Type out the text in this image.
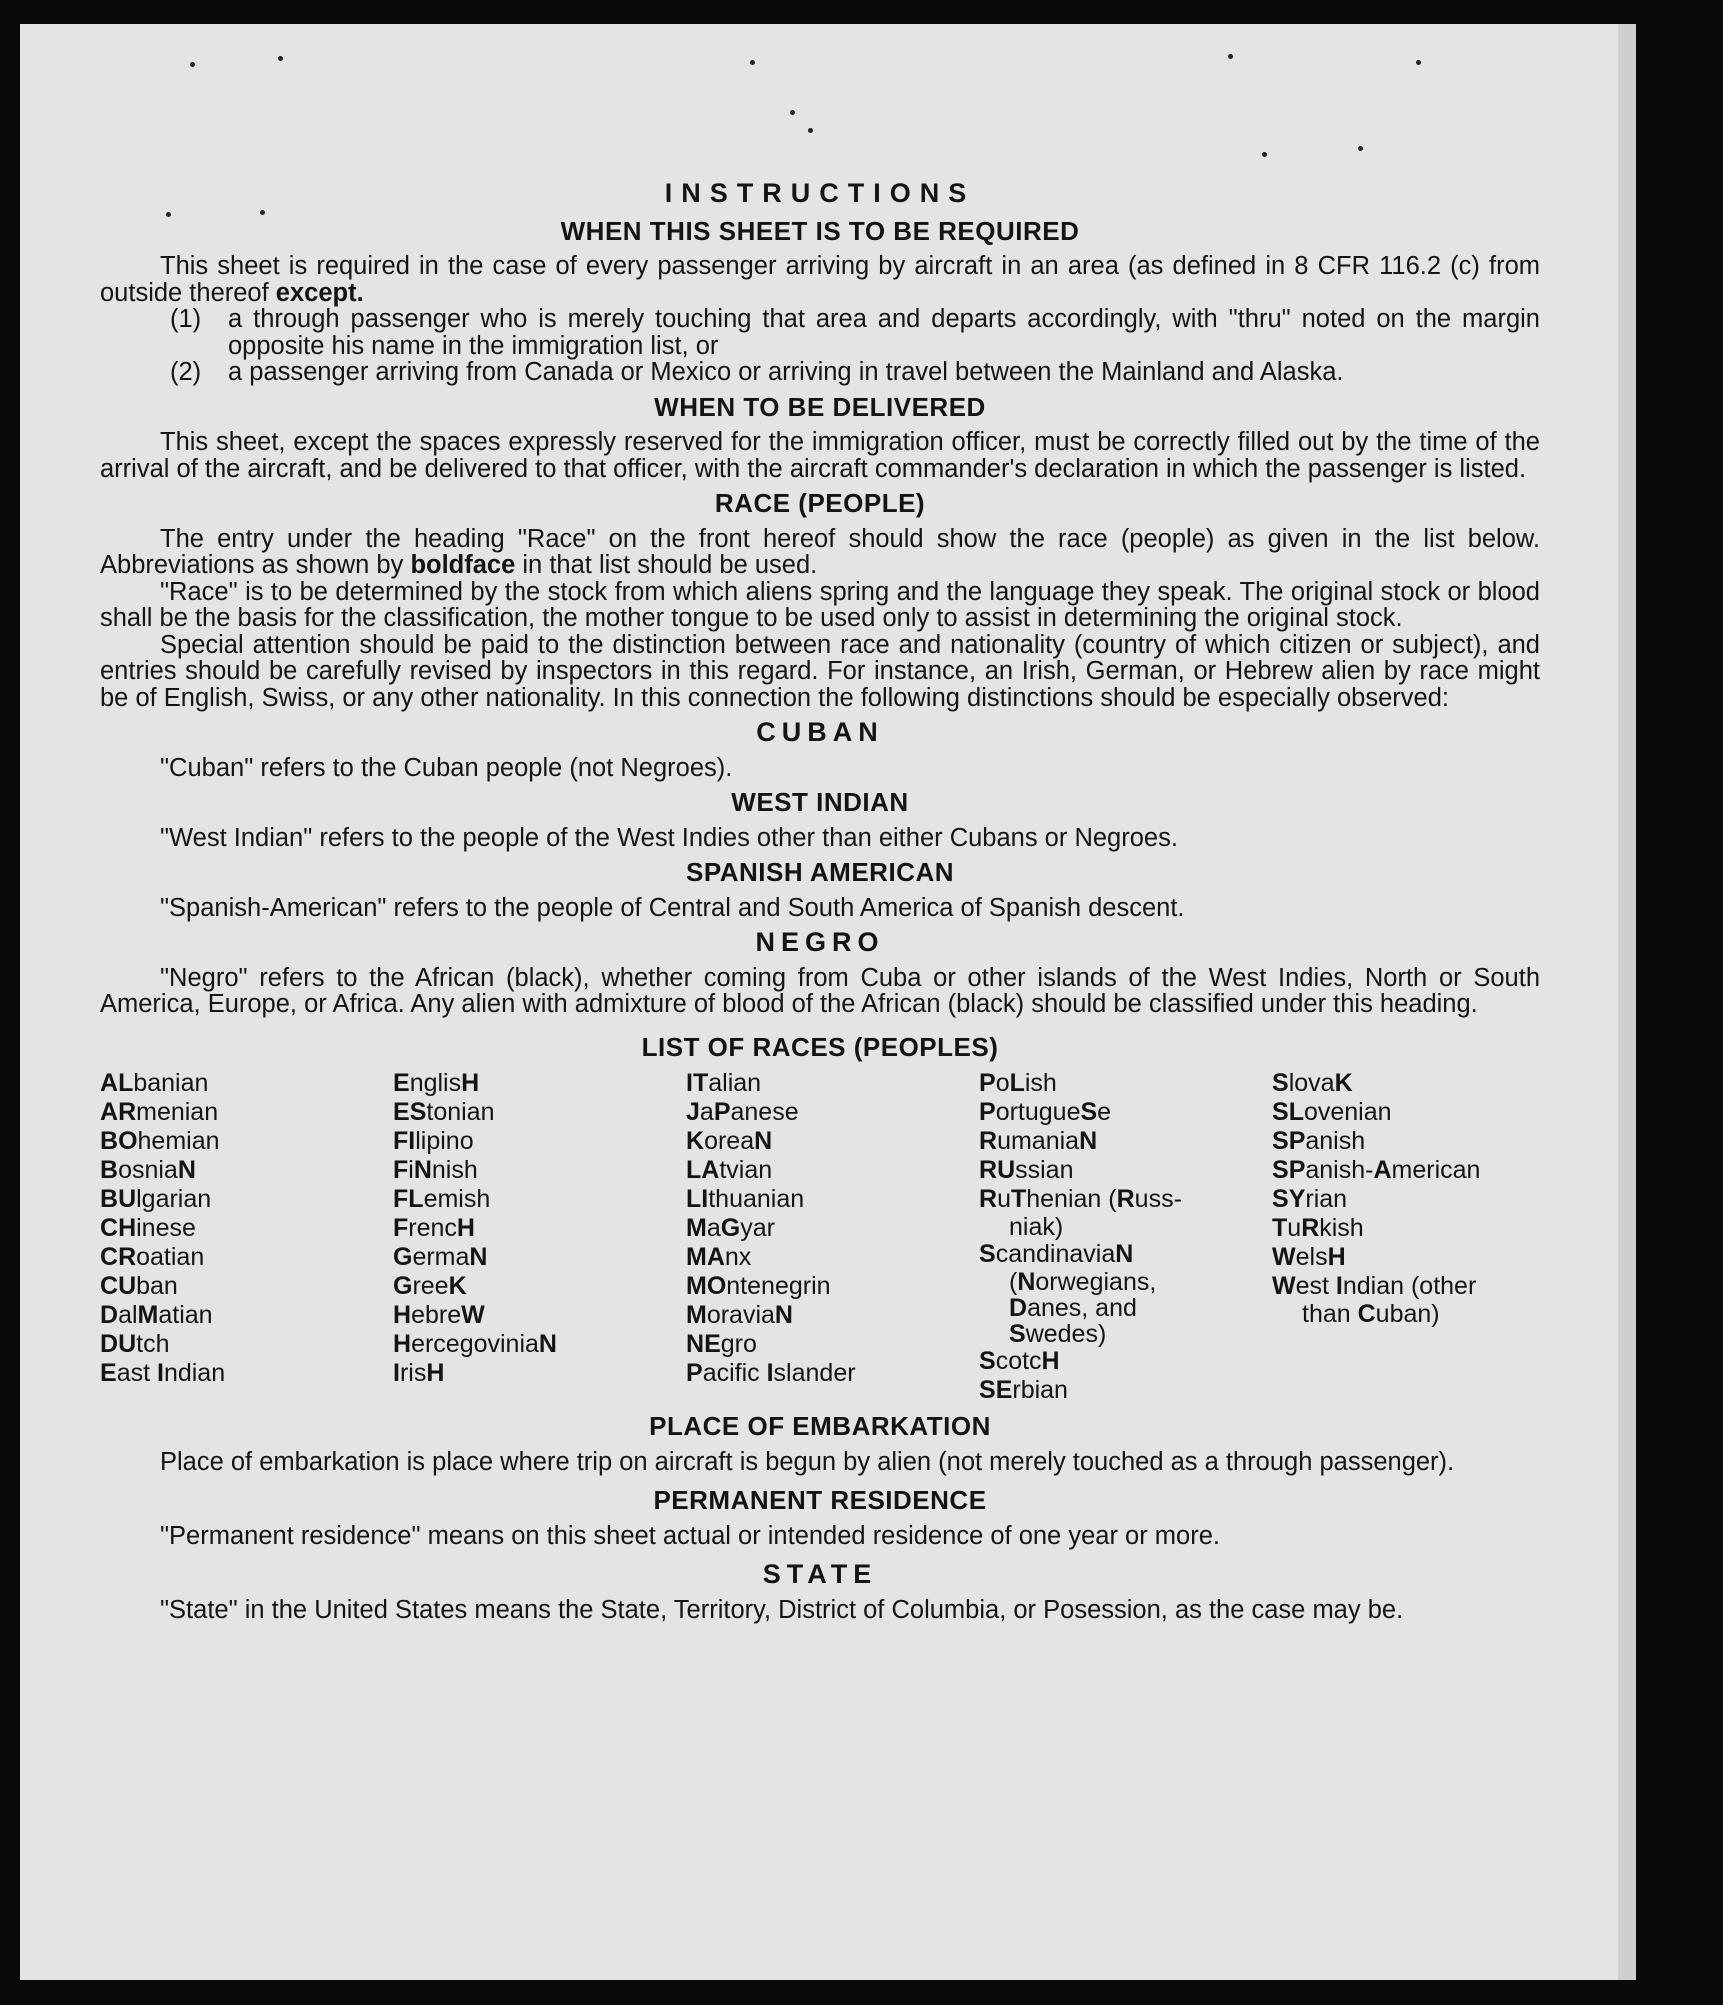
INSTRUCTIONS
WHEN THIS SHEET IS TO BE REQUIRED

This sheet is required in the case of every passenger arriving by aircraft in an area (as defined in 8 CFR 116.2 (c) from outside thereof except.

(1) a through passenger who is merely touching that area and departs accordingly, with "thru" noted on the margin opposite his name in the immigration list, or

(2) a passenger arriving from Canada or Mexico or arriving in travel between the Mainland and Alaska.

WHEN TO BE DELIVERED

This sheet, except the spaces expressly reserved for the immigration officer, must be correctly filled out by the time of the arrival of the aircraft, and be delivered to that officer, with the aircraft commander's declaration in which the passenger is listed.

RACE (PEOPLE)

The entry under the heading "Race" on the front hereof should show the race (people) as given in the list below. Abbreviations as shown by boldface in that list should be used.

"Race" is to be determined by the stock from which aliens spring and the language they speak. The original stock or blood shall be the basis for the classification, the mother tongue to be used only to assist in determining the original stock.

Special attention should be paid to the distinction between race and nationality (country of which citizen or subject), and entries should be carefully revised by inspectors in this regard. For instance, an Irish, German, or Hebrew alien by race might be of English, Swiss, or any other nationality. In this connection the following distinctions should be especially observed:

CUBAN

"Cuban" refers to the Cuban people (not Negroes).

WEST INDIAN

"West Indian" refers to the people of the West Indies other than either Cubans or Negroes.

SPANISH AMERICAN

"Spanish-American" refers to the people of Central and South America of Spanish descent.

NEGRO

"Negro" refers to the African (black), whether coming from Cuba or other islands of the West Indies, North or South America, Europe, or Africa. Any alien with admixture of blood of the African (black) should be classified under this heading.

LIST OF RACES (PEOPLES)
ALbanian
ARmenian
BOhemian
BosniaN
BUlgarian
CHinese
CRoatian
CUban
DalMatian
DUtch
East Indian
EnglisH
EStonian
FIlipino
FiNnish
FLemish
FrencH
GermaN
GreeK
HebreW
HercegoviniaN
IrisH
ITalian
JaPanese
KoreaN
LAtvian
LIthuanian
MaGyar
MAnx
MOntenegrin
MoraviaN
NEgro
Pacific Islander
PoLish
PortugueSe
RumaniaN
RUssian
RuThenian (Russ-
niak)
ScandinaviaN
(Norwegians,
Danes, and
Swedes)
ScotcH
SErbian
SlovaK
SLovenian
SPanish
SPanish-American
SYrian
TuRkish
WelsH
West Indian (other
than Cuban)
PLACE OF EMBARKATION

Place of embarkation is place where trip on aircraft is begun by alien (not merely touched as a through passenger).

PERMANENT RESIDENCE

"Permanent residence" means on this sheet actual or intended residence of one year or more.

STATE

"State" in the United States means the State, Territory, District of Columbia, or Posession, as the case may be.
